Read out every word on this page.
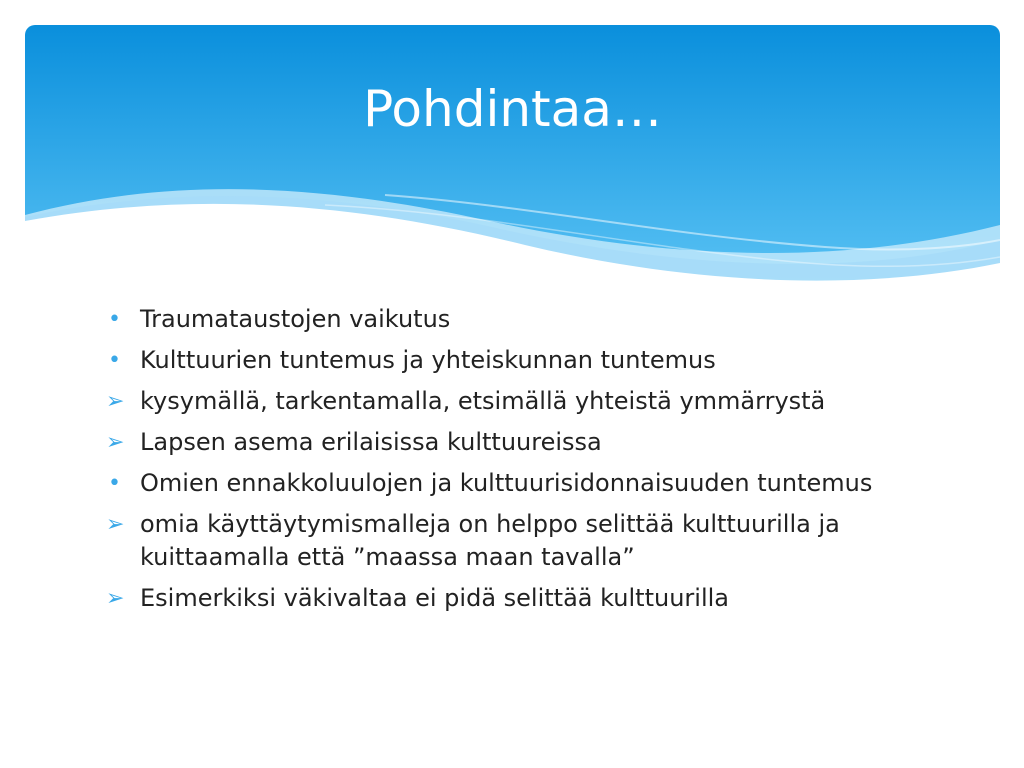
Pohdintaa…
• Traumataustojen vaikutus
• Kulttuurien tuntemus ja yhteiskunnan tuntemus
➢ kysymällä, tarkentamalla, etsimällä yhteistä ymmärrystä
➢ Lapsen asema erilaisissa kulttuureissa
• Omien ennakkoluulojen ja kulttuurisidonnaisuuden tuntemus
➢ omia käyttäytymismalleja on helppo selittää kulttuurilla ja kuittaamalla että ”maassa maan tavalla”
➢ Esimerkiksi väkivaltaa ei pidä selittää kulttuurilla
